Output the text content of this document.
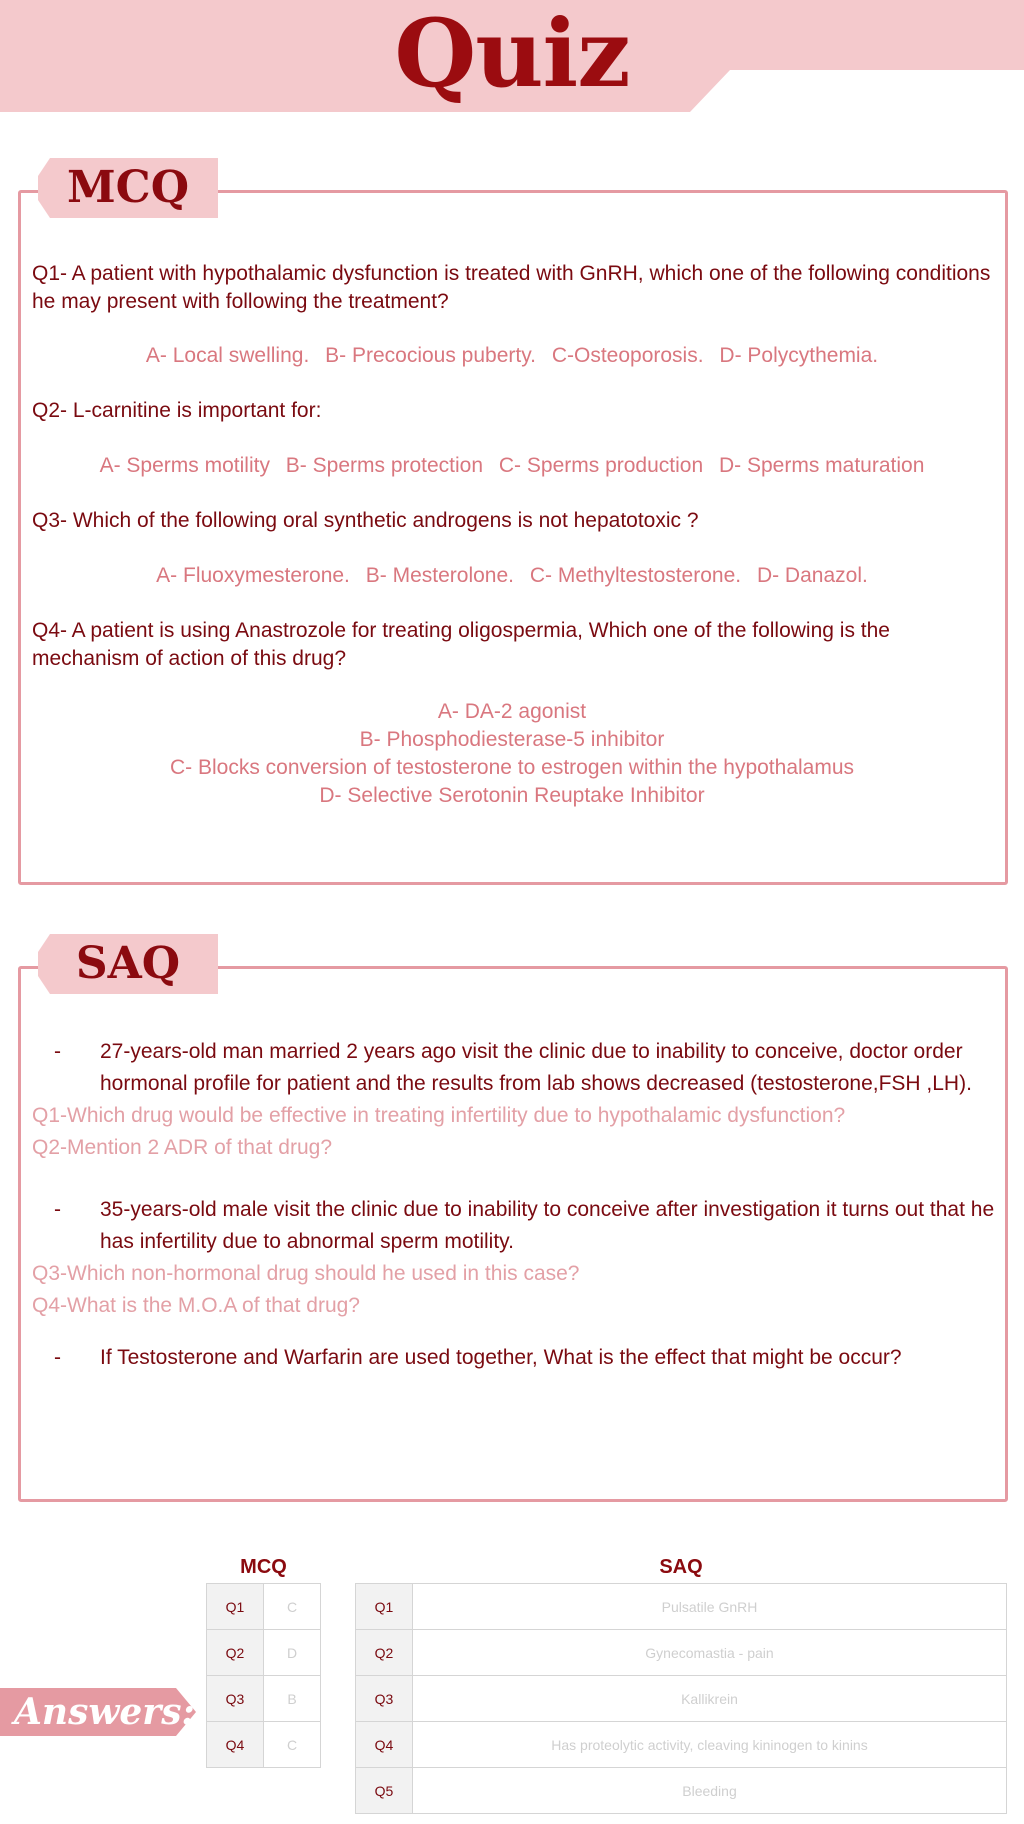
Quiz
MCQ
Q1- A patient with hypothalamic dysfunction is treated with GnRH, which one of the following conditions he may present with following the treatment?
A- Local swelling. B- Precocious puberty. C-Osteoporosis. D- Polycythemia.
Q2- L-carnitine is important for:
A- Sperms motility B- Sperms protection C- Sperms production D- Sperms maturation
Q3- Which of the following oral synthetic androgens is not hepatotoxic ?
A- Fluoxymesterone. B- Mesterolone. C- Methyltestosterone. D- Danazol.
Q4- A patient is using Anastrozole for treating oligospermia, Which one of the following is the mechanism of action of this drug?
A- DA-2 agonist
B- Phosphodiesterase-5 inhibitor
C- Blocks conversion of testosterone to estrogen within the hypothalamus
D- Selective Serotonin Reuptake Inhibitor
SAQ
- 27-years-old man married 2 years ago visit the clinic due to inability to conceive, doctor order hormonal profile for patient and the results from lab shows decreased (testosterone,FSH ,LH).
Q1-Which drug would be effective in treating infertility due to hypothalamic dysfunction?
Q2-Mention 2 ADR of that drug?
- 35-years-old male visit the clinic due to inability to conceive after investigation it turns out that he has infertility due to abnormal sperm motility.
Q3-Which non-hormonal drug should he used in this case?
Q4-What is the M.O.A of that drug?
- If Testosterone and Warfarin are used together, What is the effect that might be occur?
Answers:
MCQ
Q1	C
Q2	D
Q3	B
Q4	C
SAQ
Q1	Pulsatile GnRH
Q2	Gynecomastia - pain
Q3	Kallikrein
Q4	Has proteolytic activity, cleaving kininogen to kinins
Q5	Bleeding
